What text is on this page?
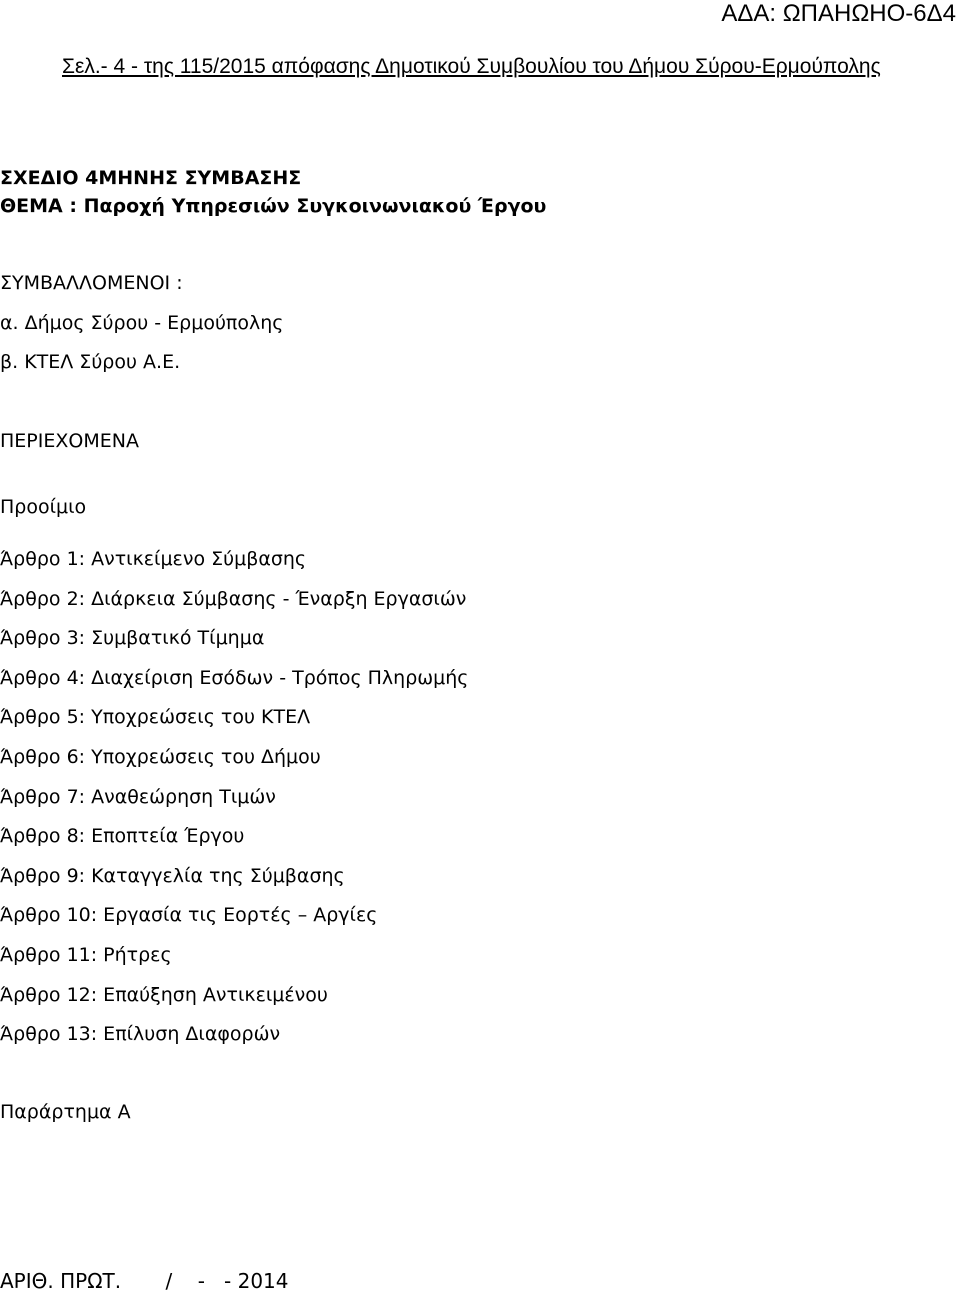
ΑΔΑ: ΩΠΑΗΩΗΟ-6Δ4
Σελ.- 4 - της 115/2015 απόφασης Δημοτικού Συμβουλίου του Δήμου Σύρου-Ερμούπολης
ΣΧΕΔΙΟ 4ΜΗΝΗΣ ΣΥΜΒΑΣΗΣ
ΘΕΜΑ : Παροχή Υπηρεσιών Συγκοινωνιακού Έργου
ΣΥΜΒΑΛΛΟΜΕΝΟΙ :
α. Δήμος Σύρου - Ερμούπολης
β. ΚΤΕΛ Σύρου Α.Ε.
ΠΕΡΙΕΧΟΜΕΝΑ
Προοίμιο
Άρθρο 1: Αντικείμενο Σύμβασης
Άρθρο 2: Διάρκεια Σύμβασης - Έναρξη Εργασιών
Άρθρο 3: Συμβατικό Τίμημα
Άρθρο 4: Διαχείριση Εσόδων - Τρόπος Πληρωμής
Άρθρο 5: Υποχρεώσεις του ΚΤΕΛ
Άρθρο 6: Υποχρεώσεις του Δήμου
Άρθρο 7: Αναθεώρηση Τιμών
Άρθρο 8: Εποπτεία Έργου
Άρθρο 9: Καταγγελία της Σύμβασης
Άρθρο 10: Εργασία τις Εορτές – Αργίες
Άρθρο 11: Ρήτρες
Άρθρο 12: Επαύξηση Αντικειμένου
Άρθρο 13: Επίλυση Διαφορών
Παράρτημα Α
ΑΡΙΘ. ΠΡΩΤ.       /    -   - 2014
